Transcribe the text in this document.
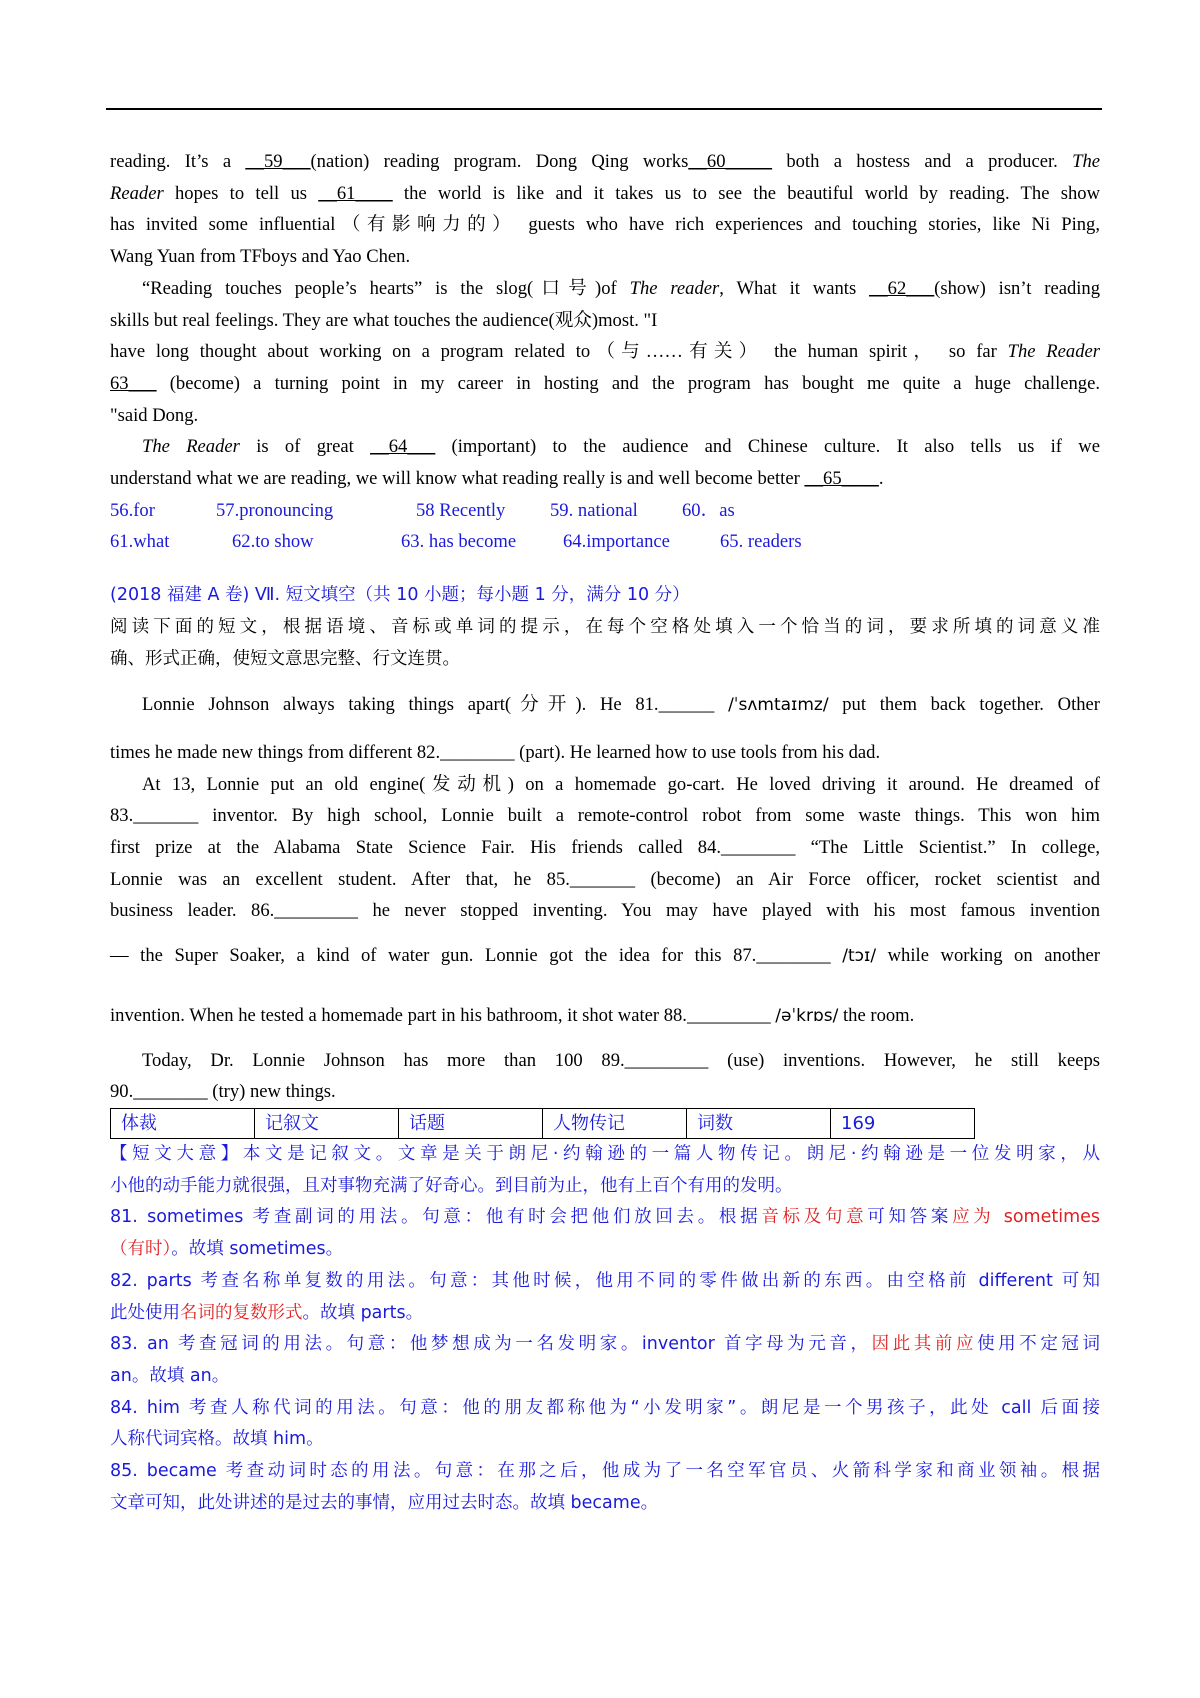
reading. It’s a __59___(nation) reading program. Dong Qing works__60_____ both a hostess and a producer. The
Reader hopes to tell us __61____ the world is like and it takes us to see the beautiful world by reading. The show
has invited some influential（有影响力的） guests who have rich experiences and touching stories, like Ni Ping,
Wang Yuan from TFboys and Yao Chen.
“Reading touches people’s hearts” is the slog(口号)of The reader, What it wants __62___(show) isn’t reading
skills but real feelings. They are what touches the audience(观众)most. "I
have long thought about working on a program related to（与……有关） the human spirit， so far The Reader
63___ (become) a turning point in my career in hosting and the program has bought me quite a huge challenge.
"said Dong.
The Reader is of great __64___ (important) to the audience and Chinese culture. It also tells us if we
understand what we are reading, we will know what reading really is and well become better __65____.
56.for	57.pronouncing	58 Recently	59. national	60．as
61.what	62.to show	63. has become	64.importance	65. readers
(2018 福建 A 卷) Ⅶ. 短文填空（共 10 小题；每小题 1 分，满分 10 分）
阅读下面的短文，根据语境、音标或单词的提示，在每个空格处填入一个恰当的词，要求所填的词意义准
确、形式正确，使短文意思完整、行文连贯。
Lonnie Johnson always taking things apart(分开). He 81.______ /ˈsʌmtaɪmz/ put them back together. Other
times he made new things from different 82.________ (part). He learned how to use tools from his dad.
At 13, Lonnie put an old engine(发动机) on a homemade go-cart. He loved driving it around. He dreamed of
83._______ inventor. By high school, Lonnie built a remote-control robot from some waste things. This won him
first prize at the Alabama State Science Fair. His friends called 84.________ “The Little Scientist.” In college,
Lonnie was an excellent student. After that, he 85._______ (become) an Air Force officer, rocket scientist and
business leader. 86._________ he never stopped inventing. You may have played with his most famous invention
— the Super Soaker, a kind of water gun. Lonnie got the idea for this 87.________ /tɔɪ/ while working on another
invention. When he tested a homemade part in his bathroom, it shot water 88._________ /əˈkrɒs/ the room.
Today, Dr. Lonnie Johnson has more than 100 89._________ (use) inventions. However, he still keeps
90.________ (try) new things.
体裁	记叙文	话题	人物传记	词数	169
【短文大意】本文是记叙文。文章是关于朗尼·约翰逊的一篇人物传记。朗尼·约翰逊是一位发明家，从
小他的动手能力就很强，且对事物充满了好奇心。到目前为止，他有上百个有用的发明。
81. sometimes 考查副词的用法。句意：他有时会把他们放回去。根据音标及句意可知答案应为 sometimes
（有时）。故填 sometimes。
82. parts 考查名称单复数的用法。句意：其他时候，他用不同的零件做出新的东西。由空格前 different 可知
此处使用名词的复数形式。故填 parts。
83. an 考查冠词的用法。句意：他梦想成为一名发明家。inventor 首字母为元音，因此其前应使用不定冠词
an。故填 an。
84. him 考查人称代词的用法。句意：他的朋友都称他为“小发明家”。朗尼是一个男孩子，此处 call 后面接
人称代词宾格。故填 him。
85. became 考查动词时态的用法。句意：在那之后，他成为了一名空军官员、火箭科学家和商业领袖。根据
文章可知，此处讲述的是过去的事情，应用过去时态。故填 became。
